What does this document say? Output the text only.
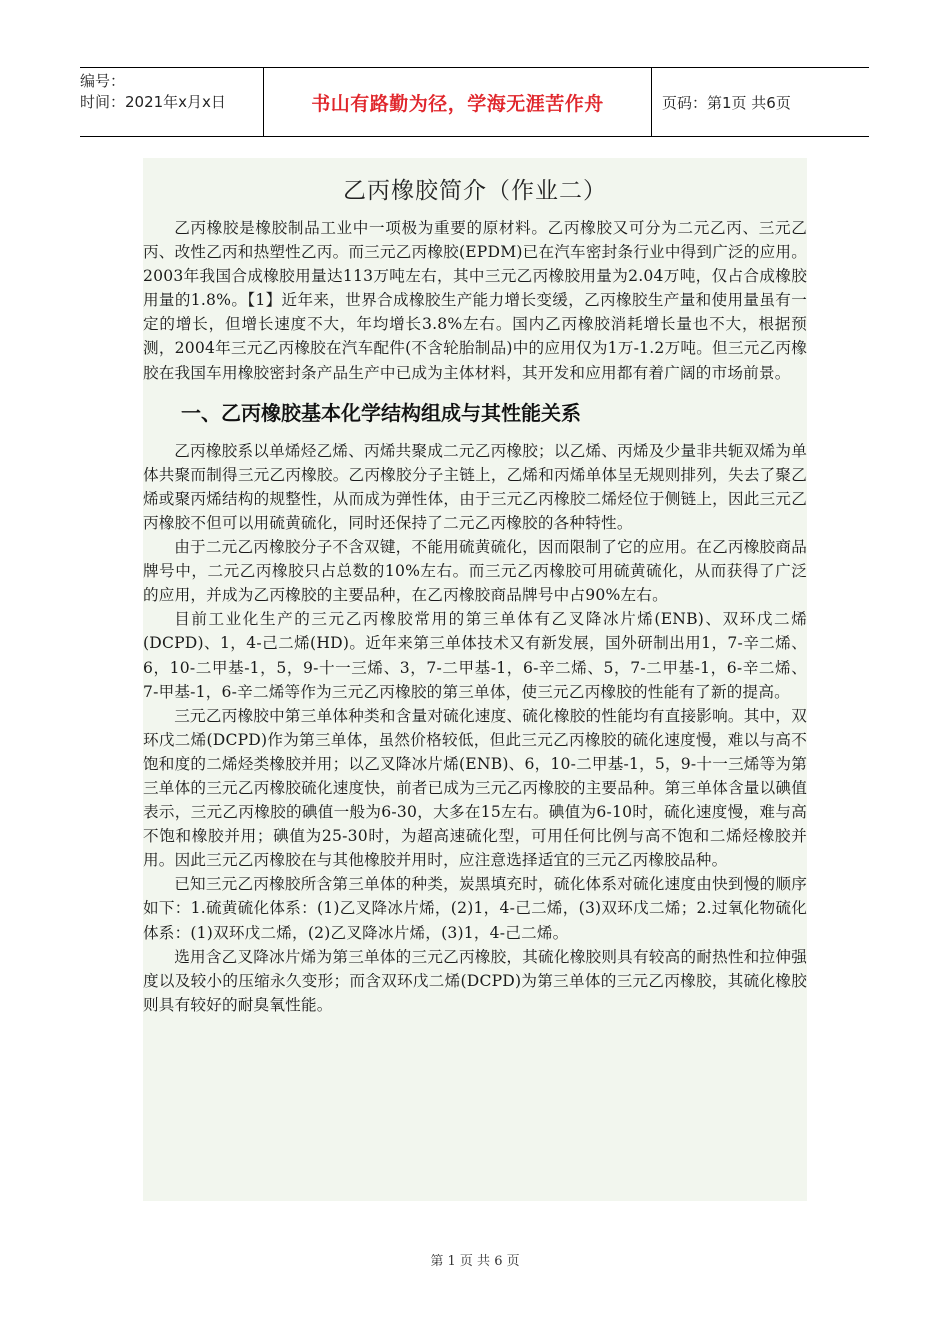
编号：
时间：2021年x月x日	书山有路勤为径，学海无涯苦作舟	页码：第1页 共6页
乙丙橡胶简介（作业二）

乙丙橡胶是橡胶制品工业中一项极为重要的原材料。乙丙橡胶又可分为二元乙丙、三元乙丙、改性乙丙和热塑性乙丙。而三元乙丙橡胶(EPDM)已在汽车密封条行业中得到广泛的应用。2003年我国合成橡胶用量达113万吨左右，其中三元乙丙橡胶用量为2.04万吨，仅占合成橡胶用量的1.8%。【1】近年来，世界合成橡胶生产能力增长变缓，乙丙橡胶生产量和使用量虽有一定的增长，但增长速度不大，年均增长3.8%左右。国内乙丙橡胶消耗增长量也不大，根据预测，2004年三元乙丙橡胶在汽车配件(不含轮胎制品)中的应用仅为1万-1.2万吨。但三元乙丙橡胶在我国车用橡胶密封条产品生产中已成为主体材料，其开发和应用都有着广阔的市场前景。

一、乙丙橡胶基本化学结构组成与其性能关系

乙丙橡胶系以单烯烃乙烯、丙烯共聚成二元乙丙橡胶；以乙烯、丙烯及少量非共轭双烯为单体共聚而制得三元乙丙橡胶。乙丙橡胶分子主链上，乙烯和丙烯单体呈无规则排列，失去了聚乙烯或聚丙烯结构的规整性，从而成为弹性体，由于三元乙丙橡胶二烯烃位于侧链上，因此三元乙丙橡胶不但可以用硫黄硫化，同时还保持了二元乙丙橡胶的各种特性。

由于二元乙丙橡胶分子不含双键，不能用硫黄硫化，因而限制了它的应用。在乙丙橡胶商品牌号中，二元乙丙橡胶只占总数的10%左右。而三元乙丙橡胶可用硫黄硫化，从而获得了广泛的应用，并成为乙丙橡胶的主要品种，在乙丙橡胶商品牌号中占90%左右。

目前工业化生产的三元乙丙橡胶常用的第三单体有乙叉降冰片烯(ENB)、双环戊二烯(DCPD)、1，4-己二烯(HD)。近年来第三单体技术又有新发展，国外研制出用1，7-辛二烯、6，10-二甲基-1，5，9-十一三烯、3，7-二甲基-1，6-辛二烯、5，7-二甲基-1，6-辛二烯、7-甲基-1，6-辛二烯等作为三元乙丙橡胶的第三单体，使三元乙丙橡胶的性能有了新的提高。

三元乙丙橡胶中第三单体种类和含量对硫化速度、硫化橡胶的性能均有直接影响。其中，双环戊二烯(DCPD)作为第三单体，虽然价格较低，但此三元乙丙橡胶的硫化速度慢，难以与高不饱和度的二烯烃类橡胶并用；以乙叉降冰片烯(ENB)、6，10-二甲基-1，5，9-十一三烯等为第三单体的三元乙丙橡胶硫化速度快，前者已成为三元乙丙橡胶的主要品种。第三单体含量以碘值表示，三元乙丙橡胶的碘值一般为6-30，大多在15左右。碘值为6-10时，硫化速度慢，难与高不饱和橡胶并用；碘值为25-30时，为超高速硫化型，可用任何比例与高不饱和二烯烃橡胶并用。因此三元乙丙橡胶在与其他橡胶并用时，应注意选择适宜的三元乙丙橡胶品种。

已知三元乙丙橡胶所含第三单体的种类，炭黑填充时，硫化体系对硫化速度由快到慢的顺序如下：1.硫黄硫化体系：(1)乙叉降冰片烯，(2)1，4-己二烯，(3)双环戊二烯；2.过氧化物硫化体系：(1)双环戊二烯，(2)乙叉降冰片烯，(3)1，4-己二烯。

选用含乙叉降冰片烯为第三单体的三元乙丙橡胶，其硫化橡胶则具有较高的耐热性和拉伸强度以及较小的压缩永久变形；而含双环戊二烯(DCPD)为第三单体的三元乙丙橡胶，其硫化橡胶则具有较好的耐臭氧性能。

第 1 页 共 6 页
